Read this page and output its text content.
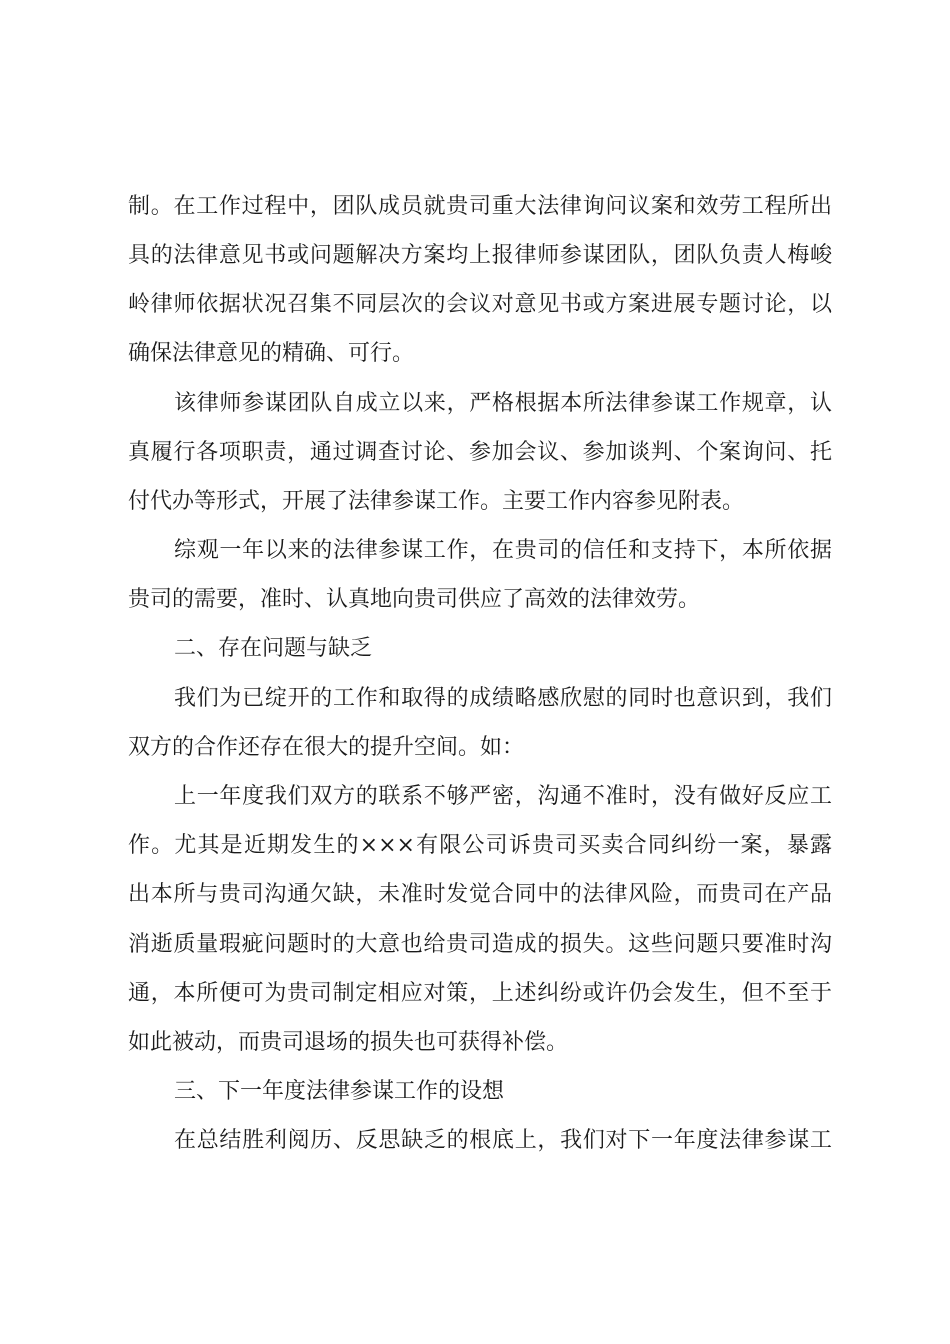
制。在工作过程中，团队成员就贵司重大法律询问议案和效劳工程所出
具的法律意见书或问题解决方案均上报律师参谋团队，团队负责人梅峻
岭律师依据状况召集不同层次的会议对意见书或方案进展专题讨论，以
确保法律意见的精确、可行。
该律师参谋团队自成立以来，严格根据本所法律参谋工作规章，认
真履行各项职责，通过调查讨论、参加会议、参加谈判、个案询问、托
付代办等形式，开展了法律参谋工作。主要工作内容参见附表。
综观一年以来的法律参谋工作，在贵司的信任和支持下，本所依据
贵司的需要，准时、认真地向贵司供应了高效的法律效劳。
二、存在问题与缺乏
我们为已绽开的工作和取得的成绩略感欣慰的同时也意识到，我们
双方的合作还存在很大的提升空间。如：
上一年度我们双方的联系不够严密，沟通不准时，没有做好反应工
作。尤其是近期发生的×××有限公司诉贵司买卖合同纠纷一案，暴露
出本所与贵司沟通欠缺，未准时发觉合同中的法律风险，而贵司在产品
消逝质量瑕疵问题时的大意也给贵司造成的损失。这些问题只要准时沟
通，本所便可为贵司制定相应对策，上述纠纷或许仍会发生，但不至于
如此被动，而贵司退场的损失也可获得补偿。
三、下一年度法律参谋工作的设想
在总结胜利阅历、反思缺乏的根底上，我们对下一年度法律参谋工
